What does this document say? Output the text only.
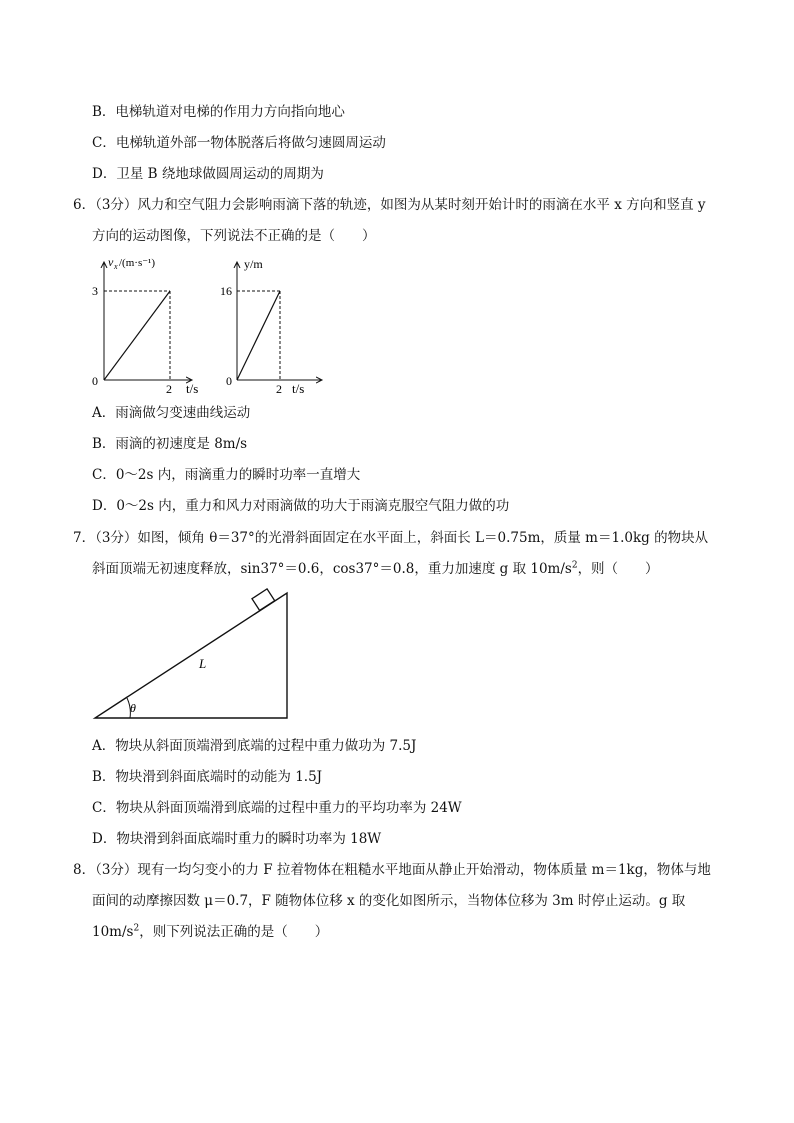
B．电梯轨道对电梯的作用力方向指向地心
C．电梯轨道外部一物体脱落后将做匀速圆周运动
D．卫星 B 绕地球做圆周运动的周期为
6．（3分）风力和空气阻力会影响雨滴下落的轨迹，如图为从某时刻开始计时的雨滴在水平 x 方向和竖直 y
方向的运动图像，下列说法不正确的是（　　）
v x /(m·s⁻¹)
3
0
2 t/s
y/m
16
0
2 t/s
A．雨滴做匀变速曲线运动
B．雨滴的初速度是 8m/s
C．0～2s 内，雨滴重力的瞬时功率一直增大
D．0～2s 内，重力和风力对雨滴做的功大于雨滴克服空气阻力做的功
7．（3分）如图，倾角 θ＝37°的光滑斜面固定在水平面上，斜面长 L＝0.75m，质量 m＝1.0kg 的物块从
斜面顶端无初速度释放，sin37°＝0.6，cos37°＝0.8，重力加速度 g 取 $10m/s^2$，则（　　）
θ
L
A．物块从斜面顶端滑到底端的过程中重力做功为 7.5J
B．物块滑到斜面底端时的动能为 1.5J
C．物块从斜面顶端滑到底端的过程中重力的平均功率为 24W
D．物块滑到斜面底端时重力的瞬时功率为 18W
8．（3分）现有一均匀变小的力 F 拉着物体在粗糙水平地面从静止开始滑动，物体质量 m＝1kg，物体与地
面间的动摩擦因数 μ＝0.7，F 随物体位移 x 的变化如图所示，当物体位移为 3m 时停止运动。g 取
$10m/s^2$，则下列说法正确的是（　　）
